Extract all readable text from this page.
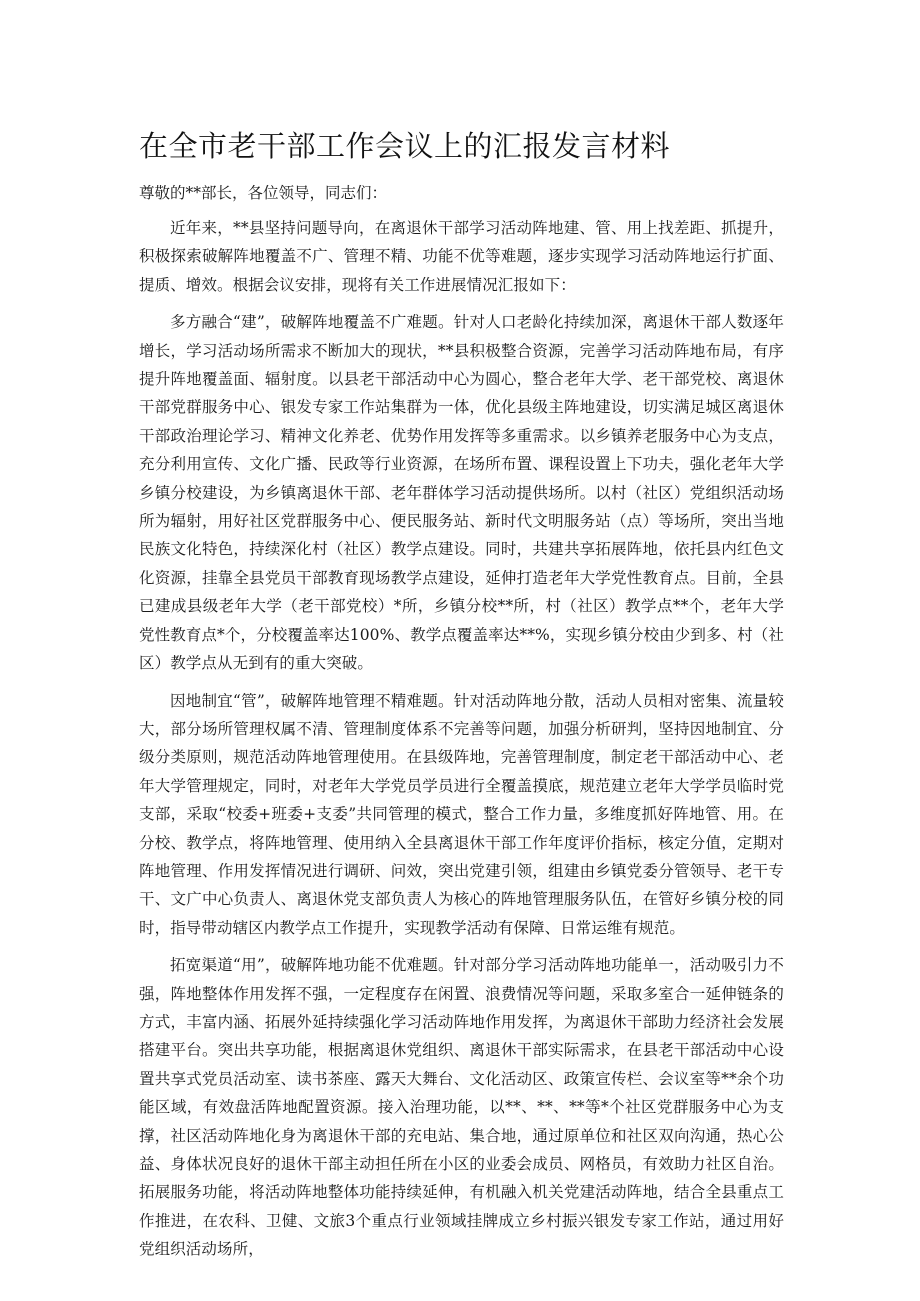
在全市老干部工作会议上的汇报发言材料

尊敬的**部长，各位领导，同志们：

近年来，**县坚持问题导向，在离退休干部学习活动阵地建、管、用上找差距、抓提升，积极探索破解阵地覆盖不广、管理不精、功能不优等难题，逐步实现学习活动阵地运行扩面、提质、增效。根据会议安排，现将有关工作进展情况汇报如下：

多方融合“建”，破解阵地覆盖不广难题。针对人口老龄化持续加深，离退休干部人数逐年增长，学习活动场所需求不断加大的现状，**县积极整合资源，完善学习活动阵地布局，有序提升阵地覆盖面、辐射度。以县老干部活动中心为圆心，整合老年大学、老干部党校、离退休干部党群服务中心、银发专家工作站集群为一体，优化县级主阵地建设，切实满足城区离退休干部政治理论学习、精神文化养老、优势作用发挥等多重需求。以乡镇养老服务中心为支点，充分利用宣传、文化广播、民政等行业资源，在场所布置、课程设置上下功夫，强化老年大学乡镇分校建设，为乡镇离退休干部、老年群体学习活动提供场所。以村（社区）党组织活动场所为辐射，用好社区党群服务中心、便民服务站、新时代文明服务站（点）等场所，突出当地民族文化特色，持续深化村（社区）教学点建设。同时，共建共享拓展阵地，依托县内红色文化资源，挂靠全县党员干部教育现场教学点建设，延伸打造老年大学党性教育点。目前，全县已建成县级老年大学（老干部党校）*所，乡镇分校**所，村（社区）教学点**个，老年大学党性教育点*个，分校覆盖率达100%、教学点覆盖率达**%，实现乡镇分校由少到多、村（社区）教学点从无到有的重大突破。

因地制宜“管”，破解阵地管理不精难题。针对活动阵地分散，活动人员相对密集、流量较大，部分场所管理权属不清、管理制度体系不完善等问题，加强分析研判，坚持因地制宜、分级分类原则，规范活动阵地管理使用。在县级阵地，完善管理制度，制定老干部活动中心、老年大学管理规定，同时，对老年大学党员学员进行全覆盖摸底，规范建立老年大学学员临时党支部，采取“校委+班委+支委”共同管理的模式，整合工作力量，多维度抓好阵地管、用。在分校、教学点，将阵地管理、使用纳入全县离退休干部工作年度评价指标，核定分值，定期对阵地管理、作用发挥情况进行调研、问效，突出党建引领，组建由乡镇党委分管领导、老干专干、文广中心负责人、离退休党支部负责人为核心的阵地管理服务队伍，在管好乡镇分校的同时，指导带动辖区内教学点工作提升，实现教学活动有保障、日常运维有规范。

拓宽渠道“用”，破解阵地功能不优难题。针对部分学习活动阵地功能单一，活动吸引力不强，阵地整体作用发挥不强，一定程度存在闲置、浪费情况等问题，采取多室合一延伸链条的方式，丰富内涵、拓展外延持续强化学习活动阵地作用发挥，为离退休干部助力经济社会发展搭建平台。突出共享功能，根据离退休党组织、离退休干部实际需求，在县老干部活动中心设置共享式党员活动室、读书茶座、露天大舞台、文化活动区、政策宣传栏、会议室等**余个功能区域，有效盘活阵地配置资源。接入治理功能，以**、**、**等*个社区党群服务中心为支撑，社区活动阵地化身为离退休干部的充电站、集合地，通过原单位和社区双向沟通，热心公益、身体状况良好的退休干部主动担任所在小区的业委会成员、网格员，有效助力社区自治。拓展服务功能，将活动阵地整体功能持续延伸，有机融入机关党建活动阵地，结合全县重点工作推进，在农科、卫健、文旅3个重点行业领域挂牌成立乡村振兴银发专家工作站，通过用好党组织活动场所，
